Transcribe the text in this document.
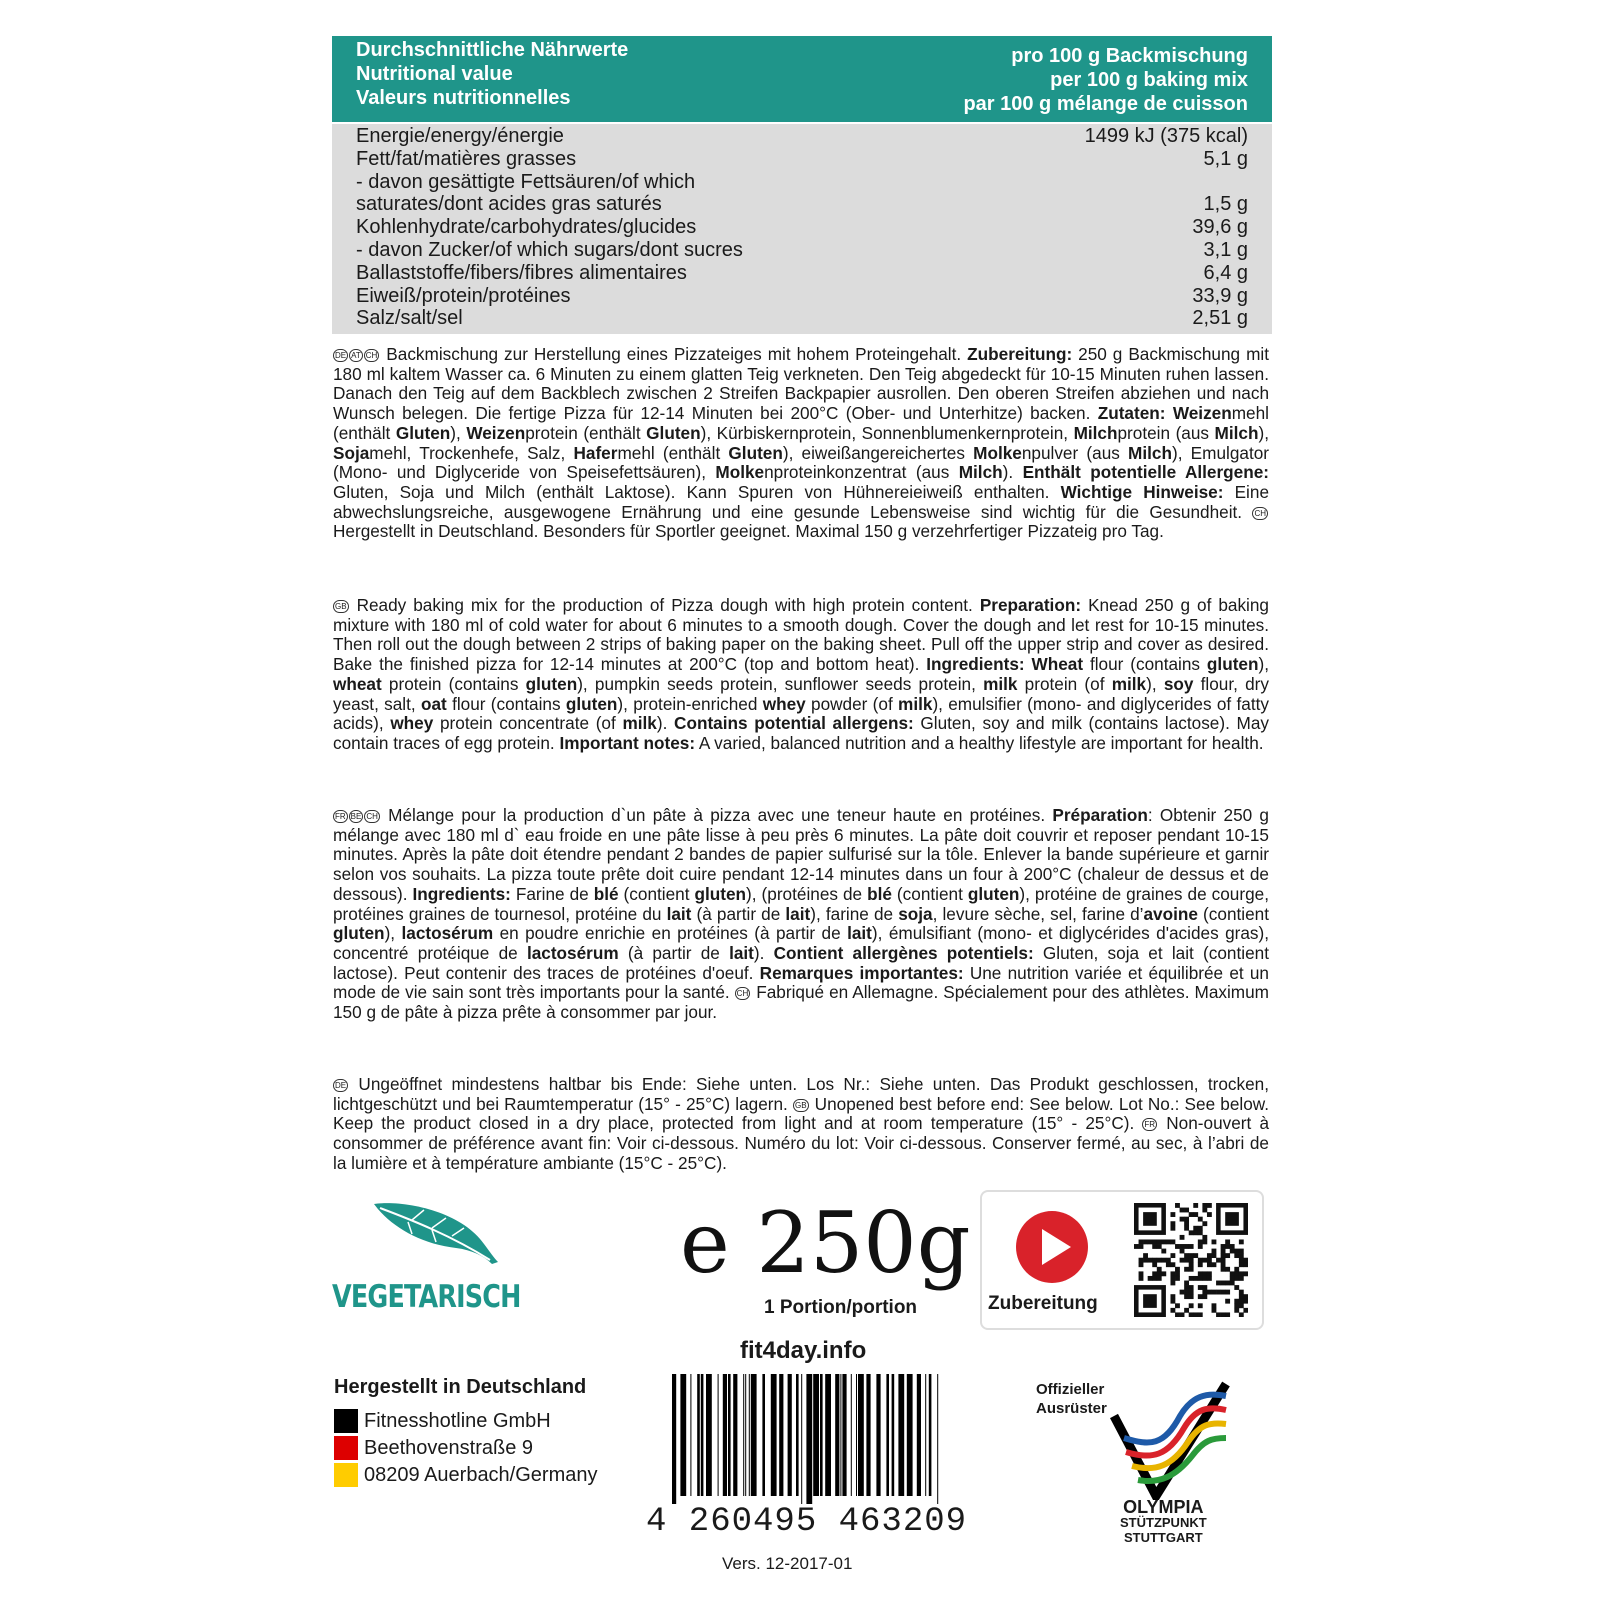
Durchschnittliche Nährwerte
Nutritional value
Valeurs nutritionnelles
pro 100 g Backmischung
per 100 g baking mix
par 100 g mélange de cuisson
Energie/energy/énergie	1499 kJ (375 kcal)
Fett/fat/matières grasses	5,1 g
- davon gesättigte Fettsäuren/of which
saturates/dont acides gras saturés	1,5 g
Kohlenhydrate/carbohydrates/glucides	39,6 g
- davon Zucker/of which sugars/dont sucres	3,1 g
Ballaststoffe/fibers/fibres alimentaires	6,4 g
Eiweiß/protein/protéines	33,9 g
Salz/salt/sel	2,51 g
DE AT CH Backmischung zur Herstellung eines Pizzateiges mit hohem Proteingehalt. Zubereitung: 250 g Backmischung mit 180 ml kaltem Wasser ca. 6 Minuten zu einem glatten Teig verkneten. Den Teig abgedeckt für 10-15 Minuten ruhen lassen. Danach den Teig auf dem Backblech zwischen 2 Streifen Backpapier ausrollen. Den oberen Streifen abziehen und nach Wunsch belegen. Die fertige Pizza für 12-14 Minuten bei 200°C (Ober- und Unterhitze) backen. Zutaten: Weizenmehl (enthält Gluten), Weizenprotein (enthält Gluten), Kürbiskernprotein, Sonnenblumenkernprotein, Milchprotein (aus Milch), Sojamehl, Trockenhefe, Salz, Hafermehl (enthält Gluten), eiweißangereichertes Molkenpulver (aus Milch), Emulgator (Mono- und Diglyceride von Speisefettsäuren), Molkenproteinkonzentrat (aus Milch). Enthält potentielle Allergene: Gluten, Soja und Milch (enthält Laktose). Kann Spuren von Hühnereieiweiß enthalten. Wichtige Hinweise: Eine abwechslungsreiche, ausgewogene Ernährung und eine gesunde Lebensweise sind wichtig für die Gesundheit. CH Hergestellt in Deutschland. Besonders für Sportler geeignet. Maximal 150 g verzehrfertiger Pizzateig pro Tag.
GB Ready baking mix for the production of Pizza dough with high protein content. Preparation: Knead 250 g of baking mixture with 180 ml of cold water for about 6 minutes to a smooth dough. Cover the dough and let rest for 10-15 minutes. Then roll out the dough between 2 strips of baking paper on the baking sheet. Pull off the upper strip and cover as desired. Bake the finished pizza for 12-14 minutes at 200°C (top and bottom heat). Ingredients: Wheat flour (contains gluten), wheat protein (contains gluten), pumpkin seeds protein, sunflower seeds protein, milk protein (of milk), soy flour, dry yeast, salt, oat flour (contains gluten), protein-enriched whey powder (of milk), emulsifier (mono- and diglycerides of fatty acids), whey protein concentrate (of milk). Contains potential allergens: Gluten, soy and milk (contains lactose). May contain traces of egg protein. Important notes: A varied, balanced nutrition and a healthy lifestyle are important for health.
FR BE CH Mélange pour la production d`un pâte à pizza avec une teneur haute en protéines. Préparation: Obtenir 250 g mélange avec 180 ml d` eau froide en une pâte lisse à peu près 6 minutes. La pâte doit couvrir et reposer pendant 10-15 minutes. Après la pâte doit étendre pendant 2 bandes de papier sulfurisé sur la tôle. Enlever la bande supérieure et garnir selon vos souhaits. La pizza toute prête doit cuire pendant 12-14 minutes dans un four à 200°C (chaleur de dessus et de dessous). Ingredients: Farine de blé (contient gluten), (protéines de blé (contient gluten), protéine de graines de courge, protéines graines de tournesol, protéine du lait (à partir de lait), farine de soja, levure sèche, sel, farine d’avoine (contient gluten), lactosérum en poudre enrichie en protéines (à partir de lait), émulsifiant (mono- et diglycérides d'acides gras), concentré protéique de lactosérum (à partir de lait). Contient allergènes potentiels: Gluten, soja et lait (contient lactose). Peut contenir des traces de protéines d'oeuf. Remarques importantes: Une nutrition variée et équilibrée et un mode de vie sain sont très importants pour la santé. CH Fabriqué en Allemagne. Spécialement pour des athlètes. Maximum 150 g de pâte à pizza prête à consommer par jour.
DE Ungeöffnet mindestens haltbar bis Ende: Siehe unten. Los Nr.: Siehe unten. Das Produkt geschlossen, trocken, lichtgeschützt und bei Raumtemperatur (15° - 25°C) lagern. GB Unopened best before end: See below. Lot No.: See below. Keep the product closed in a dry place, protected from light and at room temperature (15° - 25°C). FR Non-ouvert à consommer de préférence avant fin: Voir ci-dessous. Numéro du lot: Voir ci-dessous. Conserver fermé, au sec, à l’abri de la lumière et à température ambiante (15°C - 25°C).
VEGETARISCH
e 250g
1 Portion/portion	Zubereitung
fit4day.info
Hergestellt in Deutschland
Fitnesshotline GmbH
Beethovenstraße 9
08209 Auerbach/Germany
4 260495 463209
Vers. 12-2017-01
Offizieller
Ausrüster
OLYMPIA
STÜTZPUNKT
STUTTGART
